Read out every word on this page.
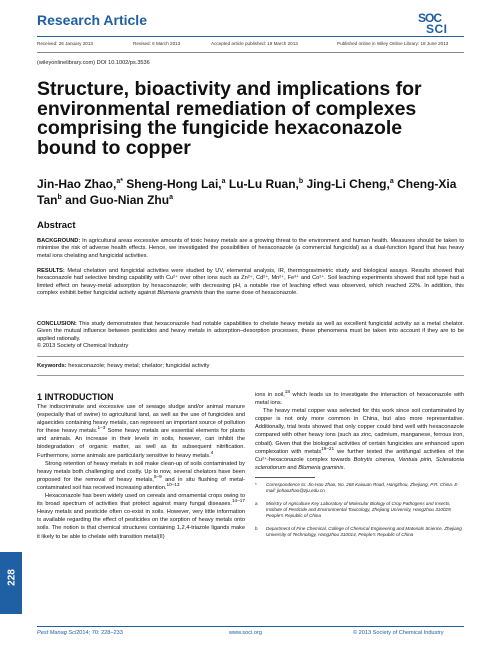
Research Article	SOC
SCI
Received: 26 January 2013	Revised: 6 March 2013	Accepted article published: 19 March 2013	Published online in Wiley Online Library: 18 June 2013
(wileyonlinelibrary.com) DOI 10.1002/ps.3536
Structure, bioactivity and implications for environmental remediation of complexes comprising the fungicide hexaconazole bound to copper

Jin-Hao Zhao,$^{a*}$ Sheng-Hong Lai,$^a$ Lu-Lu Ruan,$^b$ Jing-Li Cheng,$^a$ Cheng-Xia Tan$^b$ and Guo-Nian Zhu$^a$

Abstract

BACKGROUND: In agricultural areas excessive amounts of toxic heavy metals are a growing threat to the environment and human health. Measures should be taken to minimise the risk of adverse health effects. Hence, we investigated the possibilities of hexaconazole (a commercial fungicidal) as a dual-function ligand that has heavy metal ions chelating and fungicidal activities.

RESULTS: Metal chelation and fungicidal activities were studied by UV, elemental analysis, IR, thermogravimetric study and biological assays. Results showed that hexaconazole had selective binding capability with Cu²⁺ over other ions such as Zn²⁺, Cd²⁺, Mn²⁺, Fe³⁺ and Co²⁺. Soil leaching experiments showed that soil type had a limited effect on heavy-metal adsorption by hexaconazole; with decreasing pH, a notable rise of leaching effect was observed, which reached 22%. In addition, this complex exhibit better fungicidal activity against Blumeria graminis than the same dose of hexaconazole.

CONCLUSION: This study demonstrates that hexaconazole had notable capabilities to chelate heavy metals as well as excellent fungicidal activity as a metal chelator. Given the mutual influence between pesticides and heavy metals in adsorption–desorption processes, these phenomena must be taken into account if they are to be applied rationally.
© 2013 Society of Chemical Industry

Keywords: hexaconazole; heavy metal; chelator; fungicidal activity
1 INTRODUCTION

The indiscriminate and excessive use of sewage sludge and/or animal manure (especially that of swine) to agricultural land, as well as the use of fungicides and algaecides containing heavy metals, can represent an important source of pollution for these heavy metals.$^{1-3}$ Some heavy metals are essential elements for plants and animals. An increase in their levels in soils, however, can inhibit the biodegradation of organic matter, as well as its subsequent nitrification. Furthermore, some animals are particularly sensitive to heavy metals.$^4$

Strong retention of heavy metals in soil make clean-up of soils contaminated by heavy metals both challenging and costly. Up to now, several chelators have been proposed for the removal of heavy metals,$^{5-9}$ and in situ flushing of metal-contaminated soil has received increasing attention.$^{10-13}$

Hexaconazole has been widely used on cereals and ornamental crops owing to its broad spectrum of activities that protect against many fungal diseases.$^{14-17}$ Heavy metals and pesticide often co-exist in soils. However, very little information is available regarding the effect of pesticides on the sorption of heavy metals onto soils. The notion is that chemical structures containing 1,2,4-triazole ligands make it likely to be able to chelate with transition metal(II)

ions in soil,$^{18}$ which leads us to investigate the interaction of hexaconazole with metal ions.

The heavy metal copper was selected for this work since soil contaminated by copper is not only more common in China, but also more representative. Additionally, trial tests showed that only copper could bind well with hexaconazole compared with other heavy ions (such as zinc, cadmium, manganese, ferrous iron, cobalt). Given that the biological activities of certain fungicides are enhanced upon complexation with metals$^{19-21}$ we further tested the antifungal activities of the Cu²⁺-hexaconazole complex towards Botrytis cinerea, Ventuia pirin, Scleratonia sclerotiorum and Blumeria graminis.

*	Correspondence to: Jin-Hao Zhao, No. 268 Kaixuan Road, Hangzhou, Zhejiang, P.R. China. E-mail: jinhaozhao@zju.edu.cn

a	Ministry of Agriculture Key Laboratory of Molecular Biology of Crop Pathogens and Insects, Institute of Pesticide and Environmental Toxicology, Zhejiang University, Hangzhou 310029, People's Republic of China

b	Department of Fine Chemical, College of Chemical Engineering and Materials Science, Zhejiang University of Technology, Hangzhou 310014, People's Republic of China

228
Pest Manag Sci 2014; 70: 228–233	www.soci.org	© 2013 Society of Chemical Industry
